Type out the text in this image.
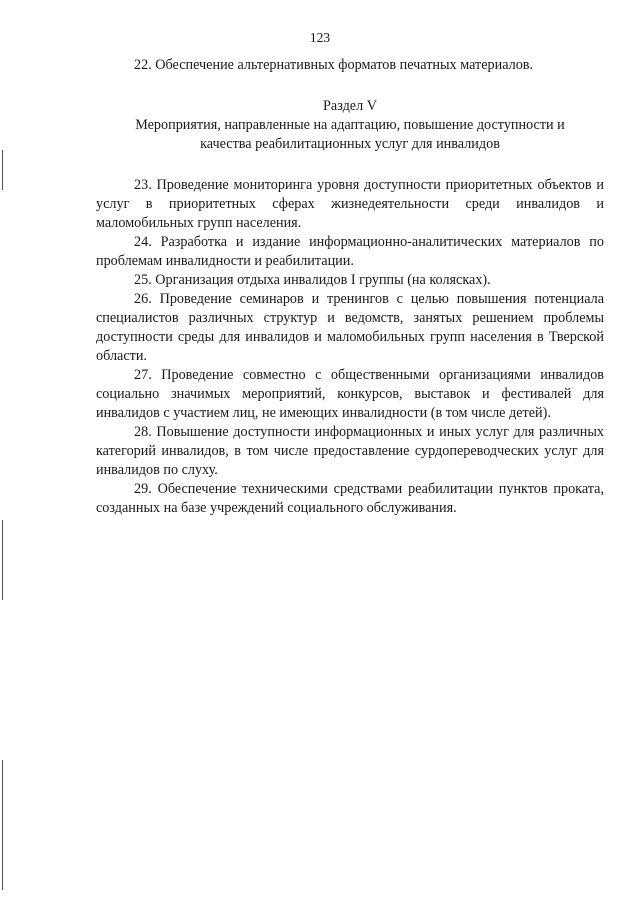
123

22. Обеспечение альтернативных форматов печатных материалов.

Раздел V
Мероприятия, направленные на адаптацию, повышение доступности и
качества реабилитационных услуг для инвалидов

23. Проведение мониторинга уровня доступности приоритетных объектов и услуг в приоритетных сферах жизнедеятельности среди инвалидов и маломобильных групп населения.

24. Разработка и издание информационно-аналитических материалов по проблемам инвалидности и реабилитации.

25. Организация отдыха инвалидов I группы (на колясках).

26. Проведение семинаров и тренингов с целью повышения потенциала специалистов различных структур и ведомств, занятых решением проблемы доступности среды для инвалидов и маломобильных групп населения в Тверской области.

27. Проведение совместно с общественными организациями инвалидов социально значимых мероприятий, конкурсов, выставок и фестивалей для инвалидов с участием лиц, не имеющих инвалидности (в том числе детей).

28. Повышение доступности информационных и иных услуг для различных категорий инвалидов, в том числе предоставление сурдопереводческих услуг для инвалидов по слуху.

29. Обеспечение техническими средствами реабилитации пунктов проката, созданных на базе учреждений социального обслуживания.
